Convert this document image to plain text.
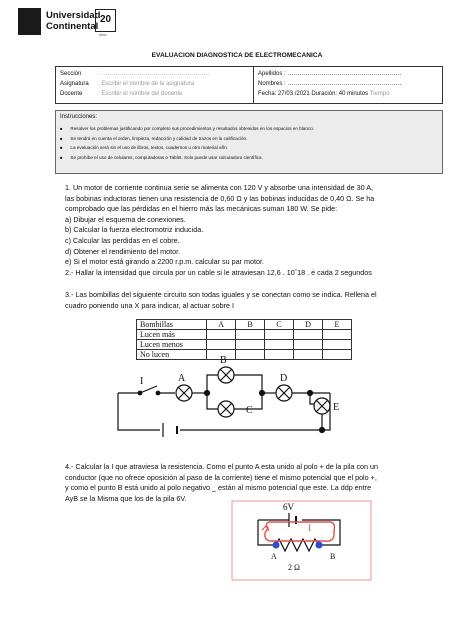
Universidad
Continental
20
años
EVALUACION DIAGNOSTICA DE ELECTROMECANICA
Sección	: ………………………………………………
Asignatura : Escribir el nombre de la asignatura
Docente	: Escribir el nombre del docente
Apellidos : …………………………………………………
Nombres : …………………………………………………
Fecha: 27/03 /2021 Duración: 40 minutos Tiempo
Instrucciones:
■ Resolver los problemas justificando por completo sus procedimientos y resultados obtenidos en los espacios en blanco.
■ Se tendrá en cuenta el orden, limpieza, redacción y calidad de trazos en la calificación.
■ La evaluación será sin el uso de libros, textos, cuadernos u otro material afín.
■ Se prohíbe el uso de celulares, computadoras o Tablet. Solo puede usar calculadora científica.
1. Un motor de corriente continua serie se alimenta con 120 V y absorbe una intensidad de 30 A,
las bobinas inductoras tienen una resistencia de 0,60 Ω y las bobinas inducidas de 0,40 Ω. Se ha
comprobado que las pérdidas en el hierro más las mecánicas suman 180 W. Se pide:
a) Dibujar el esquema de conexiones.
b) Calcular la fuerza electromotriz inducida.
c) Calcular las perdidas en el cobre.
d) Obtener el rendimiento del motor.
e) Si el motor está girando a 2200 r.p.m. calcular su par motor.
2.- Hallar la intensidad que circula por un cable si le atraviesan 12,6 . 10ˆ18 . ė cada 2 segundos
3.- Las bombillas del siguiente circuito son todas iguales y se conectan como se indica. Rellena el
cuadro poniendo una X para indicar, al actuar sobre I
Bombillas	A	B	C	D	E
Lucen más					
Lucen menos					
No lucen					
I	A
B
C
D
E
6V
I
A	B
2 Ω
4.- Calcular la I que atraviesa la resistencia. Como el punto A esta unido al polo + de la pila con un
conductor (que no ofrece oposición al paso de la corriente) tiene el mismo potencial que el polo +,
y como el punto B está unido al polo negativo _ están al mismo potencial que este. La ddp entre
AyB se la Misma que los de la pila 6V.
